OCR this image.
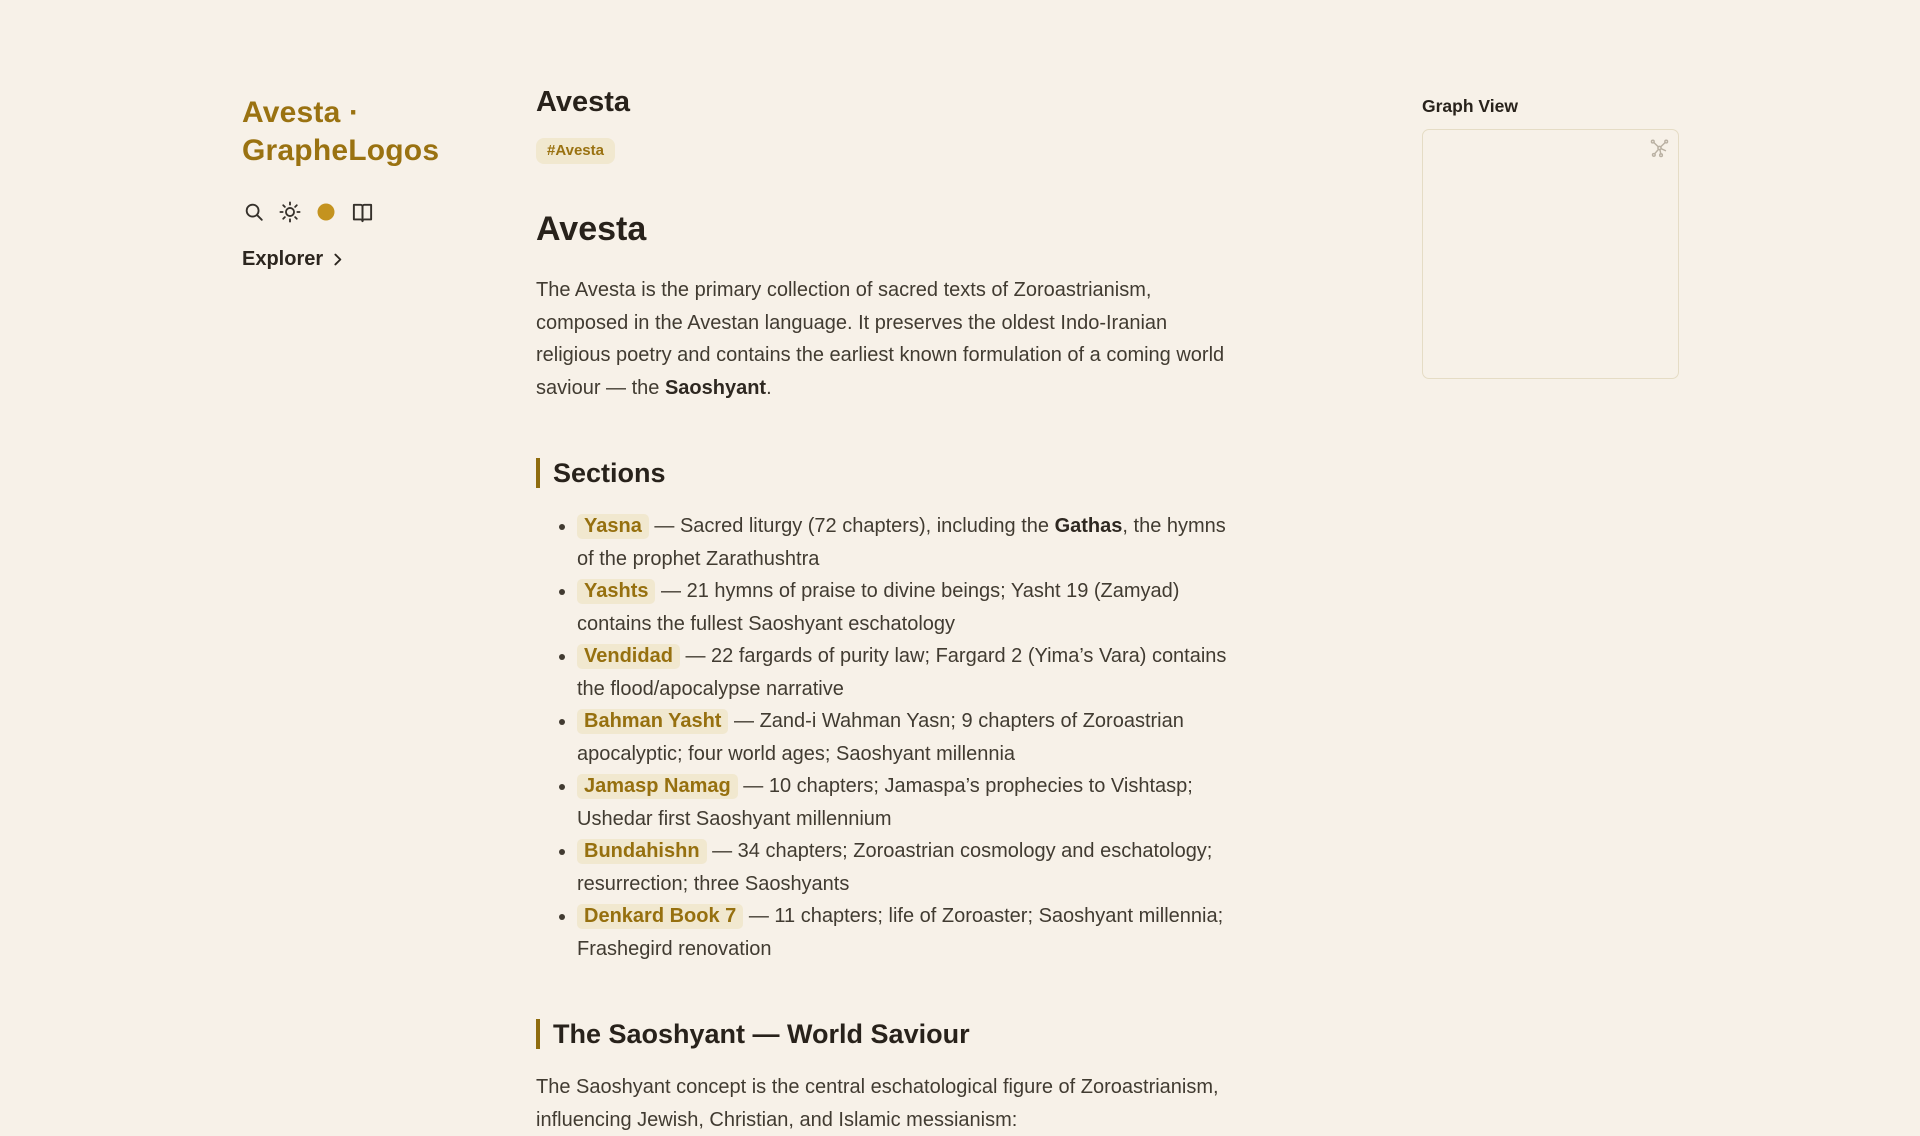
Avesta · GrapheLogos
Explorer
Avesta
#Avesta
Avesta

The Avesta is the primary collection of sacred texts of Zoroastrianism, composed in the Avestan language. It preserves the oldest Indo-Iranian religious poetry and contains the earliest known formulation of a coming world saviour — the Saoshyant.

Sections
• Yasna — Sacred liturgy (72 chapters), including the Gathas, the hymns of the prophet Zarathushtra
• Yashts — 21 hymns of praise to divine beings; Yasht 19 (Zamyad) contains the fullest Saoshyant eschatology
• Vendidad — 22 fargards of purity law; Fargard 2 (Yima’s Vara) contains the flood/apocalypse narrative
• Bahman Yasht — Zand-i Wahman Yasn; 9 chapters of Zoroastrian apocalyptic; four world ages; Saoshyant millennia
• Jamasp Namag — 10 chapters; Jamaspa’s prophecies to Vishtasp; Ushedar first Saoshyant millennium
• Bundahishn — 34 chapters; Zoroastrian cosmology and eschatology; resurrection; three Saoshyants
• Denkard Book 7 — 11 chapters; life of Zoroaster; Saoshyant millennia; Frashegird renovation
The Saoshyant — World Saviour

The Saoshyant concept is the central eschatological figure of Zoroastrianism, influencing Jewish, Christian, and Islamic messianism:

Graph View
